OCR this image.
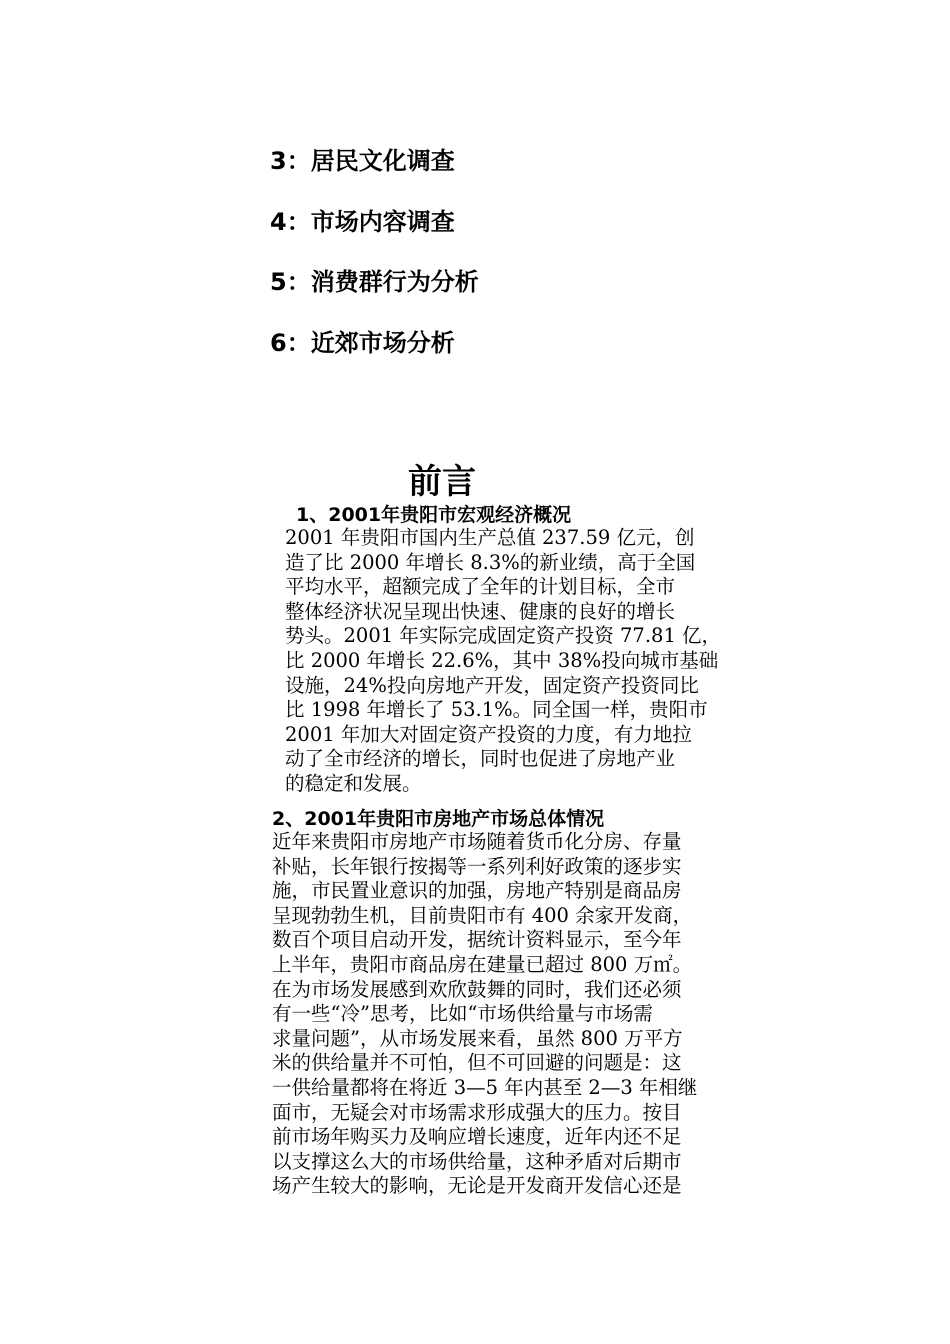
3：居民文化调查
4：市场内容调查
5：消费群行为分析
6：近郊市场分析
前言
1、2001年贵阳市宏观经济概况
2001 年贵阳市国内生产总值 237.59 亿元，创
造了比 2000 年增长 8.3%的新业绩，高于全国
平均水平，超额完成了全年的计划目标，全市
整体经济状况呈现出快速、健康的良好的增长
势头。2001 年实际完成固定资产投资 77.81 亿，
比 2000 年增长 22.6%，其中 38%投向城市基础
设施，24%投向房地产开发，固定资产投资同比
比 1998 年增长了 53.1%。同全国一样，贵阳市
2001 年加大对固定资产投资的力度，有力地拉
动了全市经济的增长，同时也促进了房地产业
的稳定和发展。
2、2001年贵阳市房地产市场总体情况
近年来贵阳市房地产市场随着货币化分房、存量
补贴，长年银行按揭等一系列利好政策的逐步实
施，市民置业意识的加强，房地产特别是商品房
呈现勃勃生机，目前贵阳市有 400 余家开发商，
数百个项目启动开发，据统计资料显示，至今年
上半年，贵阳市商品房在建量已超过 800 万㎡。
在为市场发展感到欢欣鼓舞的同时，我们还必须
有一些“冷”思考，比如“市场供给量与市场需
求量问题”，从市场发展来看，虽然 800 万平方
米的供给量并不可怕，但不可回避的问题是：这
一供给量都将在将近 3—5 年内甚至 2—3 年相继
面市，无疑会对市场需求形成强大的压力。按目
前市场年购买力及响应增长速度，近年内还不足
以支撑这么大的市场供给量，这种矛盾对后期市
场产生较大的影响，无论是开发商开发信心还是
